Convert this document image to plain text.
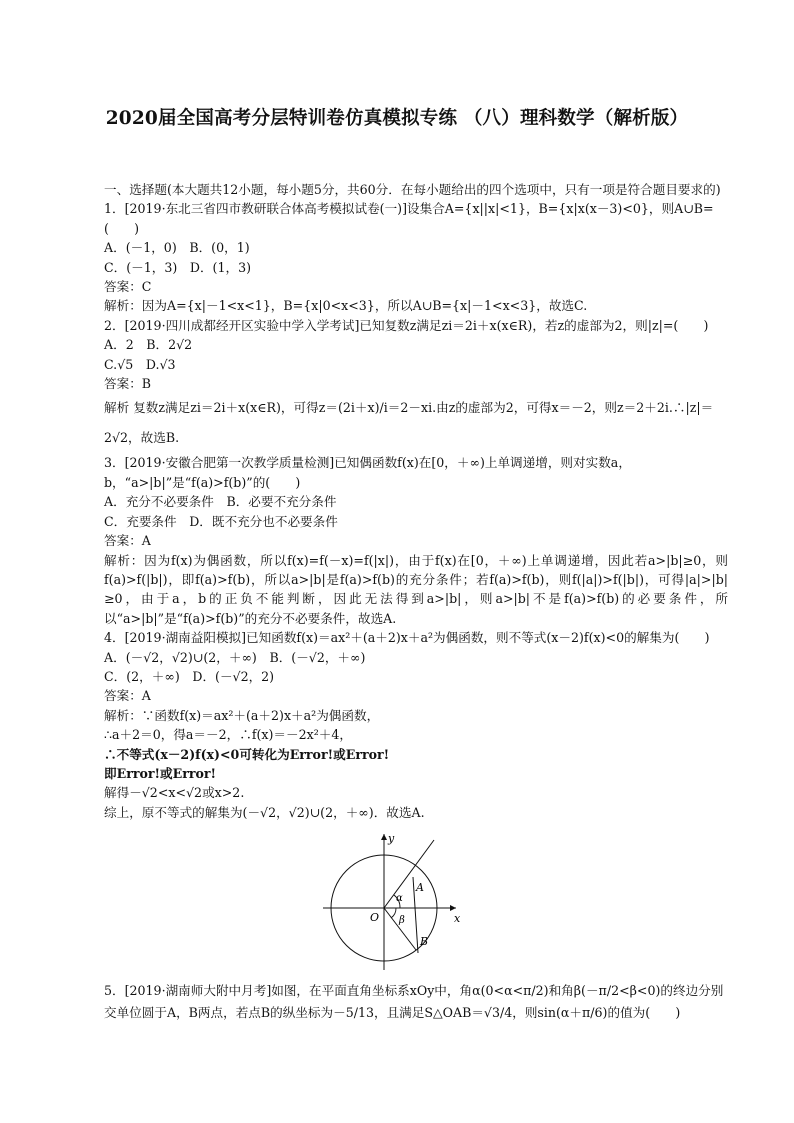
2020届全国高考分层特训卷仿真模拟专练 （八）理科数学（解析版）
一、选择题(本大题共12小题，每小题5分，共60分．在每小题给出的四个选项中，只有一项是符合题目要求的)
1．[2019·东北三省四市教研联合体高考模拟试卷(一)]设集合A={x||x|<1}，B={x|x(x－3)<0}，则A∪B=(　　)
A．(－1，0)　B．(0，1)
C．(－1，3)　D．(1，3)
答案：C
解析：因为A={x|－1<x<1}，B={x|0<x<3}，所以A∪B={x|－1<x<3}，故选C.
2．[2019·四川成都经开区实验中学入学考试]已知复数z满足zi＝2i＋x(x∈R)，若z的虚部为2，则|z|=(　　)
A．2　B．2√2
C.√5　D.√3
答案：B
解析 复数z满足zi＝2i＋x(x∈R)，可得z＝(2i＋x)/i＝2－xi.由z的虚部为2，可得x＝－2，则z＝2＋2i.∴|z|＝2√2，故选B.
3．[2019·安徽合肥第一次教学质量检测]已知偶函数f(x)在[0，＋∞)上单调递增，则对实数a，b，“a>|b|”是“f(a)>f(b)”的(　　)
A．充分不必要条件　B．必要不充分条件
C．充要条件　D．既不充分也不必要条件
答案：A
解析：因为f(x)为偶函数，所以f(x)=f(－x)=f(|x|)，由于f(x)在[0，＋∞)上单调递增，因此若a>|b|≥0，则f(a)>f(|b|)，即f(a)>f(b)，所以a>|b|是f(a)>f(b)的充分条件；若f(a)>f(b)，则f(|a|)>f(|b|)，可得|a|>|b|≥0，由于a，b的正负不能判断，因此无法得到a>|b|，则a>|b|不是f(a)>f(b)的必要条件，所以“a>|b|”是“f(a)>f(b)”的充分不必要条件，故选A.
4．[2019·湖南益阳模拟]已知函数f(x)＝ax²＋(a＋2)x＋a²为偶函数，则不等式(x－2)f(x)<0的解集为(　　)
A．(－√2，√2)∪(2，＋∞)　B．(－√2，＋∞)
C．(2，＋∞)　D．(－√2，2)
答案：A
解析：∵函数f(x)＝ax²＋(a＋2)x＋a²为偶函数，
∴a＋2＝0，得a＝－2，∴f(x)＝－2x²＋4，
∴不等式(x－2)f(x)<0可转化为Error!或Error!
即Error!或Error!
解得－√2<x<√2或x>2.
综上，原不等式的解集为(－√2，√2)∪(2，＋∞)．故选A.
y
x
O
A
B
α
β
5．[2019·湖南师大附中月考]如图，在平面直角坐标系xOy中，角α(0<α<π/2)和角β(－π/2<β<0)的终边分别交单位圆于A，B两点，若点B的纵坐标为－5/13，且满足S△OAB＝√3/4，则sin(α＋π/6)的值为(　　)
